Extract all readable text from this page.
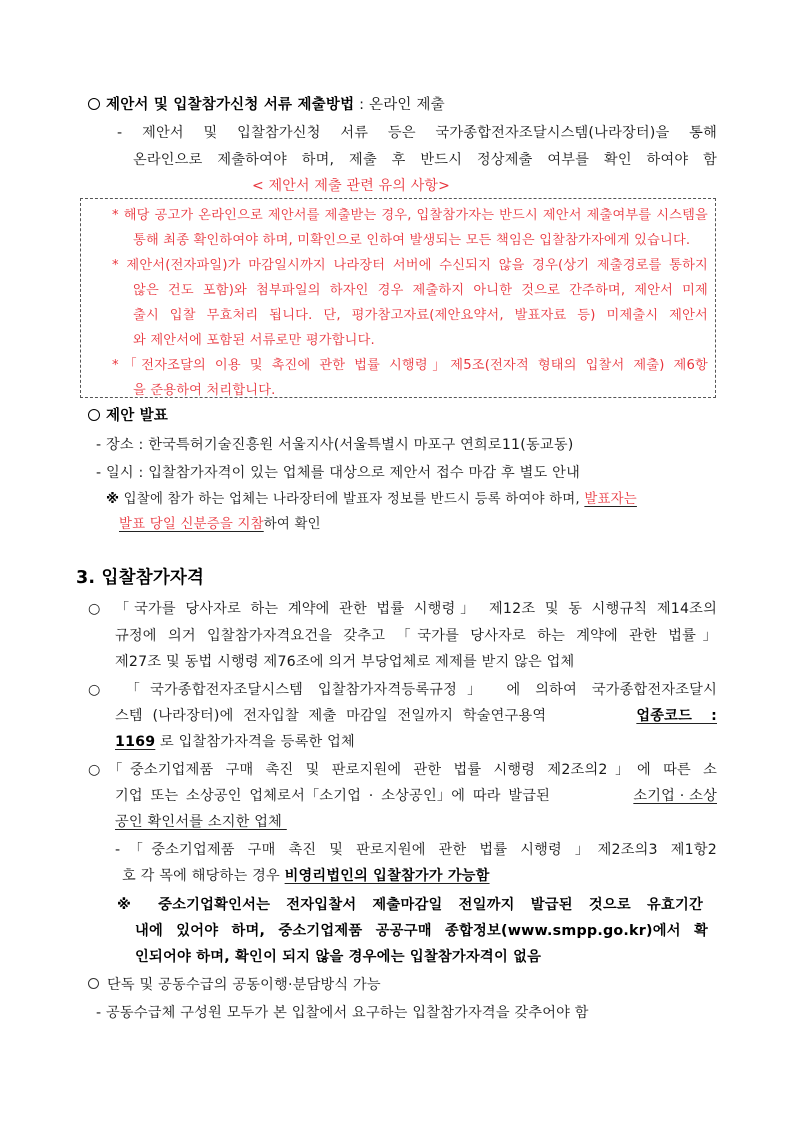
제안서 및 입찰참가신청 서류 제출방법 : 온라인 제출
- 제안서 및 입찰참가신청 서류 등은 국가종합전자조달시스템(나라장터)을 통해
온라인으로 제출하여야 하며, 제출 후 반드시 정상제출 여부를 확인 하여야 함
< 제안서 제출 관련 유의 사항>
* 해당 공고가 온라인으로 제안서를 제출받는 경우, 입찰참가자는 반드시 제안서 제출여부를 시스템을
통해 최종 확인하여야 하며, 미확인으로 인하여 발생되는 모든 책임은 입찰참가자에게 있습니다.
* 제안서(전자파일)가 마감일시까지 나라장터 서버에 수신되지 않을 경우(상기 제출경로를 통하지
않은 건도 포함)와 첨부파일의 하자인 경우 제출하지 아니한 것으로 간주하며, 제안서 미제
출시 입찰 무효처리 됩니다. 단, 평가참고자료(제안요약서, 발표자료 등) 미제출시 제안서
와 제안서에 포함된 서류로만 평가합니다.
*「전자조달의 이용 및 촉진에 관한 법률 시행령」제5조(전자적 형태의 입찰서 제출) 제6항
을 준용하여 처리합니다.
제안 발표
- 장소 : 한국특허기술진흥원 서울지사(서울특별시 마포구 연희로11(동교동)
- 일시 : 입찰참가자격이 있는 업체를 대상으로 제안서 접수 마감 후 별도 안내
※ 입찰에 참가 하는 업체는 나라장터에 발표자 정보를 반드시 등록 하여야 하며, 발표자는
발표 당일 신분증을 지참하여 확인
3. 입찰참가자격
○ 「국가를 당사자로 하는 계약에 관한 법률 시행령」 제12조 및 동 시행규칙 제14조의
규정에 의거 입찰참가자격요건을 갖추고 「국가를 당사자로 하는 계약에 관한 법률」
제27조 및 동법 시행령 제76조에 의거 부당업체로 제제를 받지 않은 업체
○ 「국가종합전자조달시스템 입찰참가자격등록규정」 에 의하여 국가종합전자조달시
스템 (나라장터)에 전자입찰 제출 마감일 전일까지 학술연구용역	업종코드 :
1169 로 입찰참가자격을 등록한 업체
○「중소기업제품 구매 촉진 및 판로지원에 관한 법률 시행령 제2조의2」에 따른 소
기업 또는 소상공인 업체로서「소기업 · 소상공인」에 따라 발급된	소기업 · 소상
공인 확인서를 소지한 업체
-「중소기업제품 구매 촉진 및 판로지원에 관한 법률 시행령 」제2조의3 제1항2
호 각 목에 해당하는 경우 비영리법인의 입찰참가가 가능함
※ 중소기업확인서는 전자입찰서 제출마감일 전일까지 발급된 것으로 유효기간
내에 있어야 하며, 중소기업제품 공공구매 종합정보(www.smpp.go.kr)에서 확
인되어야 하며, 확인이 되지 않을 경우에는 입찰참가자격이 없음
단독 및 공동수급의 공동이행·분담방식 가능
- 공동수급체 구성원 모두가 본 입찰에서 요구하는 입찰참가자격을 갖추어야 함
